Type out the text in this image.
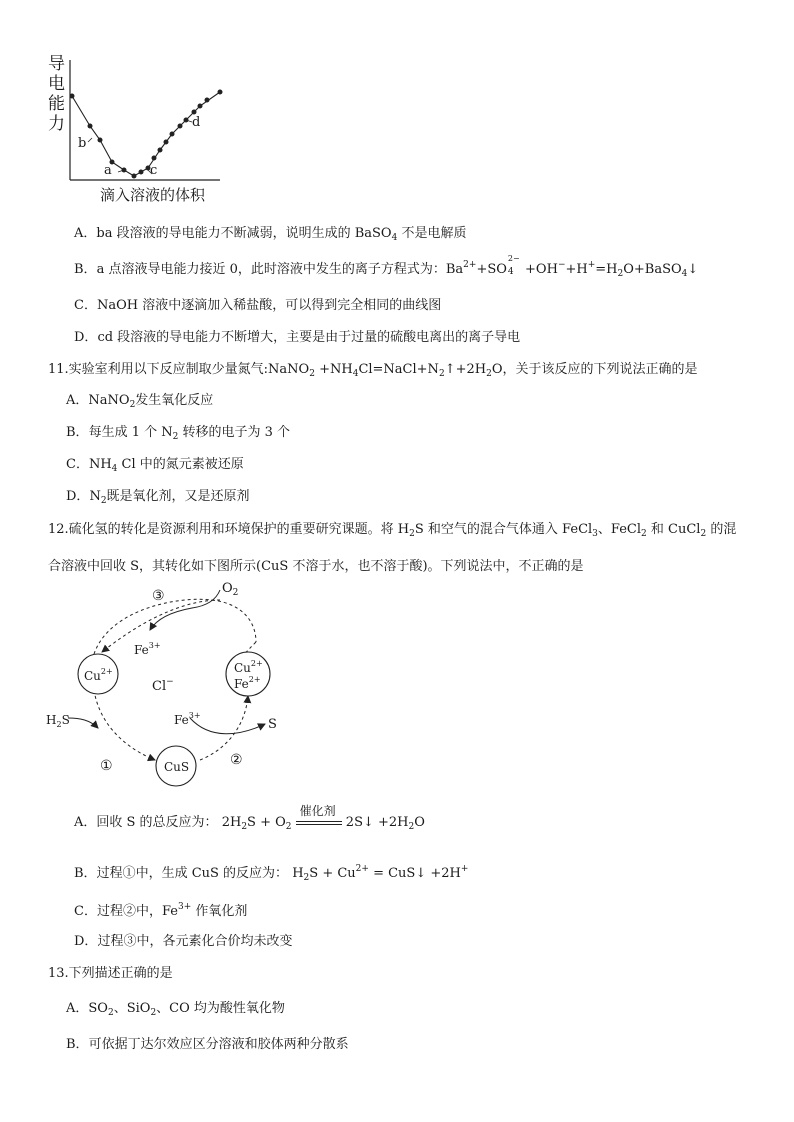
导
电
能
力
b
a	c
d
滴入溶液的体积
A．ba 段溶液的导电能力不断减弱，说明生成的 BaSO$_4$ 不是电解质
B．a 点溶液导电能力接近 0，此时溶液中发生的离子方程式为：$Ba^{2+}+SO$
2−
$4 +OH^-+H^+=H_2O+BaSO_4↓$
C．NaOH 溶液中逐滴加入稀盐酸，可以得到完全相同的曲线图
D．cd 段溶液的导电能力不断增大，主要是由于过量的硫酸电离出的离子导电
11.实验室利用以下反应制取少量氮气:NaNO$_2$ $+NH_4Cl=NaCl+N_2↑+2H_2O$，关于该反应的下列说法正确的是
A．NaNO$_2$发生氧化反应
B．每生成 1 个 $N_2$ 转移的电子为 3 个
C．$NH_4$ Cl 中的氮元素被还原
D．$N_2$既是氧化剂，又是还原剂
12.硫化氢的转化是资源利用和环境保护的重要研究课题。将 $H_2S$ 和空气的混合气体通入 FeCl$_3$、FeCl$_2$ 和 CuCl$_2$ 的混
合溶液中回收 S，其转化如下图所示(CuS 不溶于水，也不溶于酸)。下列说法中，不正确的是
③	$O_2$
$Fe^{3+}$
$Cu^{2+}$
Cl−
$Cu^{2+}$
$Fe^{2+}$
$H_2S$	$Fe^{3+}$
S
①	②
CuS
A．回收 S 的总反应为： $2H_2S + O_2$
催化剂
2S↓ $+2H_2O$
B．过程①中，生成 CuS 的反应为： $H_2S + Cu^{2+}$ = CuS↓ +2H+
C．过程②中，$Fe^{3+}$ 作氧化剂
D．过程③中，各元素化合价均未改变
13.下列描述正确的是
A．$SO_2$、SiO$_2$、CO 均为酸性氧化物
B．可依据丁达尔效应区分溶液和胶体两种分散系
